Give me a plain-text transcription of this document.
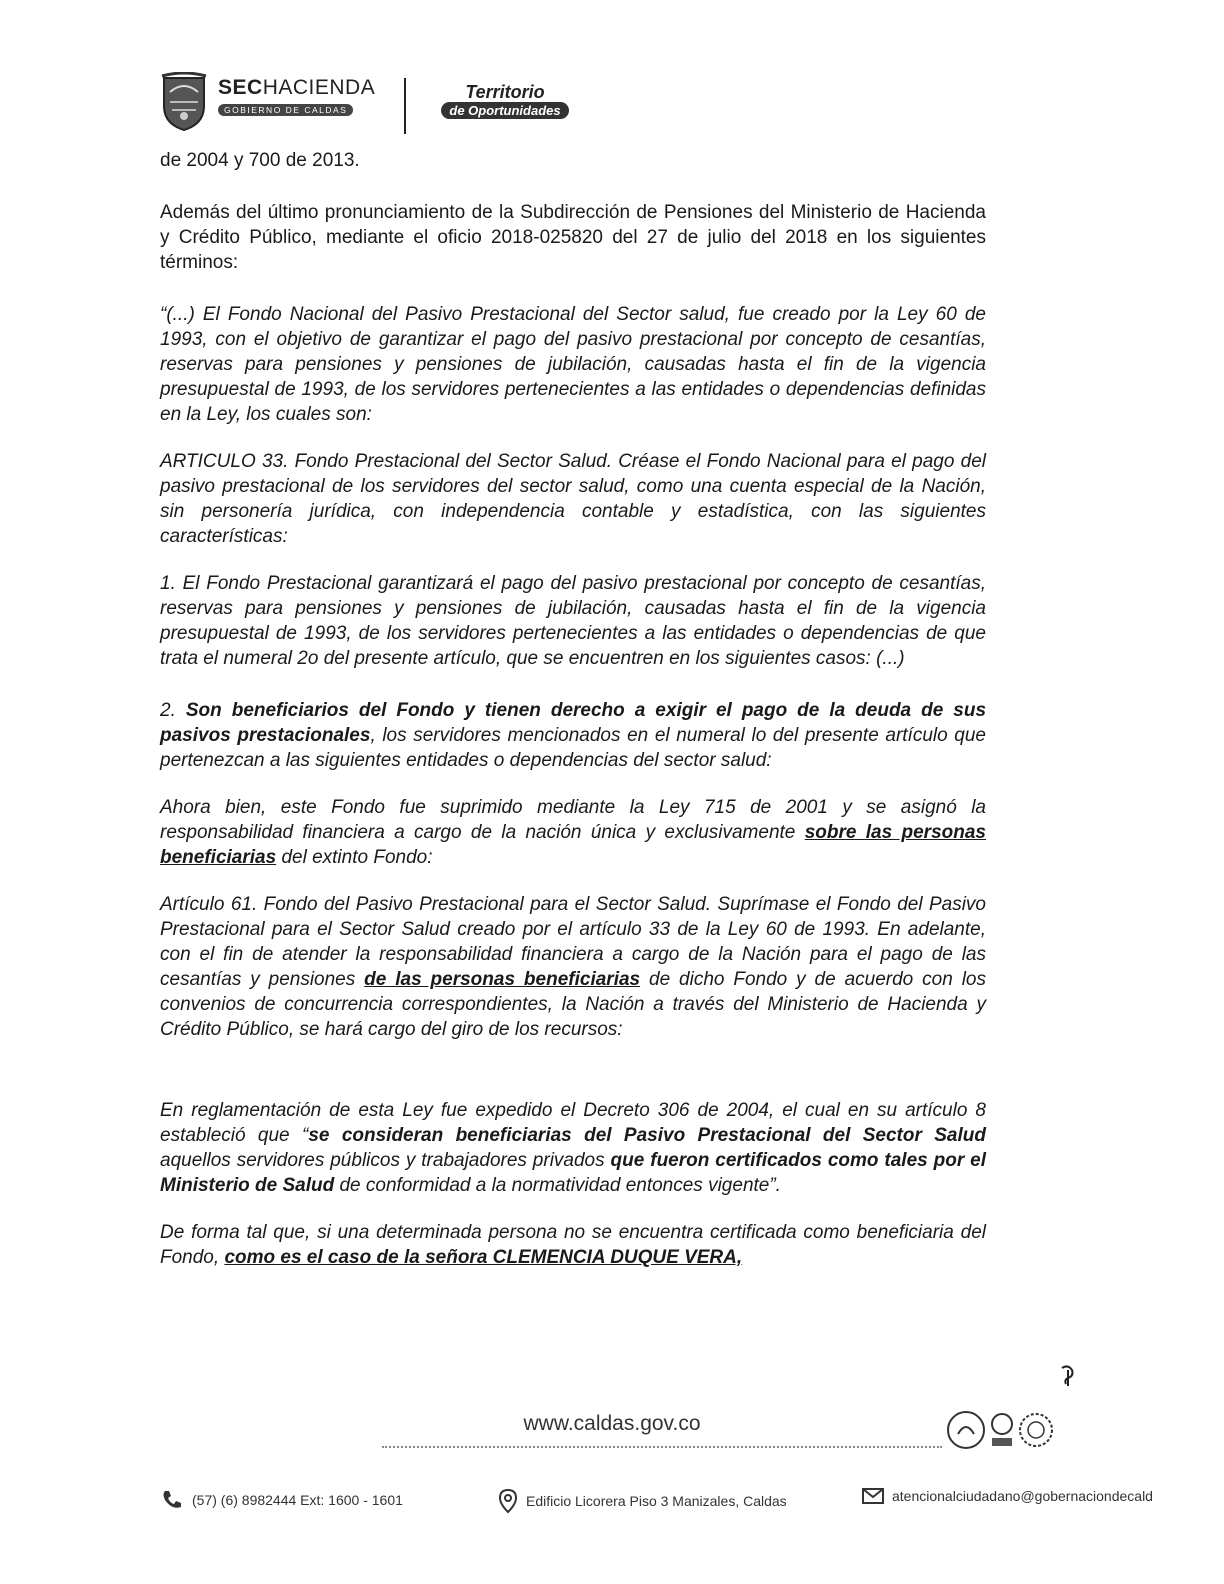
SECHACIENDA
GOBIERNO DE CALDAS
Territorio
de Oportunidades

de 2004 y 700 de 2013.

Además del último pronunciamiento de la Subdirección de Pensiones del Ministerio de Hacienda y Crédito Público, mediante el oficio 2018-025820 del 27 de julio del 2018 en los siguientes términos:

“(...) El Fondo Nacional del Pasivo Prestacional del Sector salud, fue creado por la Ley 60 de 1993, con el objetivo de garantizar el pago del pasivo prestacional por concepto de cesantías, reservas para pensiones y pensiones de jubilación, causadas hasta el fin de la vigencia presupuestal de 1993, de los servidores pertenecientes a las entidades o dependencias definidas en la Ley, los cuales son:

ARTICULO 33. Fondo Prestacional del Sector Salud. Créase el Fondo Nacional para el pago del pasivo prestacional de los servidores del sector salud, como una cuenta especial de la Nación, sin personería jurídica, con independencia contable y estadística, con las siguientes características:

1. El Fondo Prestacional garantizará el pago del pasivo prestacional por concepto de cesantías, reservas para pensiones y pensiones de jubilación, causadas hasta el fin de la vigencia presupuestal de 1993, de los servidores pertenecientes a las entidades o dependencias de que trata el numeral 2o del presente artículo, que se encuentren en los siguientes casos: (...)

2. Son beneficiarios del Fondo y tienen derecho a exigir el pago de la deuda de sus pasivos prestacionales, los servidores mencionados en el numeral lo del presente artículo que pertenezcan a las siguientes entidades o dependencias del sector salud:

Ahora bien, este Fondo fue suprimido mediante la Ley 715 de 2001 y se asignó la responsabilidad financiera a cargo de la nación única y exclusivamente sobre las personas beneficiarias del extinto Fondo:

Artículo 61. Fondo del Pasivo Prestacional para el Sector Salud. Suprímase el Fondo del Pasivo Prestacional para el Sector Salud creado por el artículo 33 de la Ley 60 de 1993. En adelante, con el fin de atender la responsabilidad financiera a cargo de la Nación para el pago de las cesantías y pensiones de las personas beneficiarias de dicho Fondo y de acuerdo con los convenios de concurrencia correspondientes, la Nación a través del Ministerio de Hacienda y Crédito Público, se hará cargo del giro de los recursos:

En reglamentación de esta Ley fue expedido el Decreto 306 de 2004, el cual en su artículo 8 estableció que “se consideran beneficiarias del Pasivo Prestacional del Sector Salud aquellos servidores públicos y trabajadores privados que fueron certificados como tales por el Ministerio de Salud de conformidad a la normatividad entonces vigente”.

De forma tal que, si una determinada persona no se encuentra certificada como beneficiaria del Fondo, como es el caso de la señora CLEMENCIA DUQUE VERA,

www.caldas.gov.co
(57) (6) 8982444 Ext: 1600 - 1601	Edificio Licorera Piso 3 Manizales, Caldas	atencionalciudadano@gobernaciondecald
